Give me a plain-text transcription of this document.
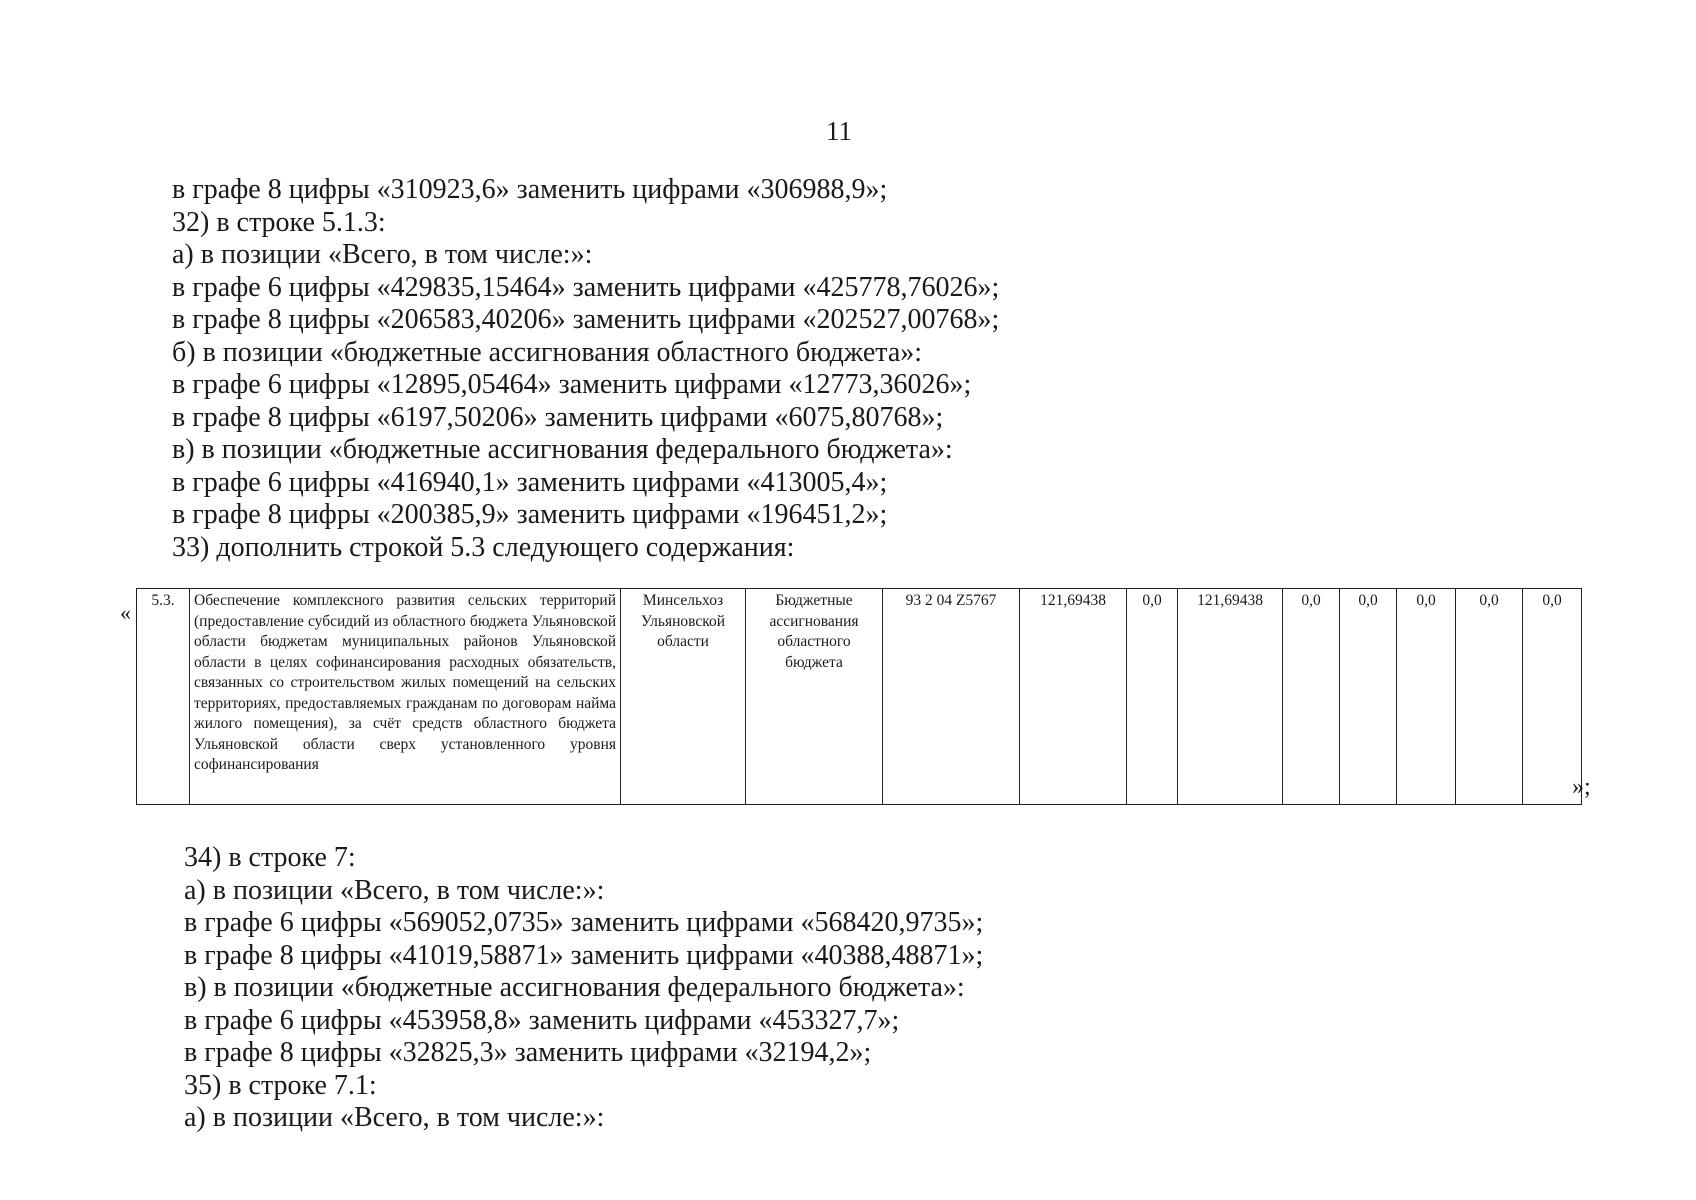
11
в графе 8 цифры «310923,6» заменить цифрами «306988,9»;
32) в строке 5.1.3:
а) в позиции «Всего, в том числе:»:
в графе 6 цифры «429835,15464» заменить цифрами «425778,76026»;
в графе 8 цифры «206583,40206» заменить цифрами «202527,00768»;
б) в позиции «бюджетные ассигнования областного бюджета»:
в графе 6 цифры «12895,05464» заменить цифрами «12773,36026»;
в графе 8 цифры «6197,50206» заменить цифрами «6075,80768»;
в) в позиции «бюджетные ассигнования федерального бюджета»:
в графе 6 цифры «416940,1» заменить цифрами «413005,4»;
в графе 8 цифры «200385,9» заменить цифрами «196451,2»;
33) дополнить строкой 5.3 следующего содержания:
« 5.3.	Обеспечение комплексного развития сельских территорий (предоставление субсидий из областного бюджета Ульяновской области бюджетам муниципальных районов Ульяновской области в целях софинансирования расходных обязательств, связанных со строительством жилых помещений на сельских территориях, предоставляемых гражданам по договорам найма жилого помещения), за счёт средств областного бюджета Ульяновской области сверх установленного уровня софинансирования	Минсельхоз Ульяновской области	Бюджетные ассигнования областного бюджета	93 2 04 Z5767	121,69438	0,0	121,69438	0,0	0,0	0,0	0,0	0,0
»;
34) в строке 7:
а) в позиции «Всего, в том числе:»:
в графе 6 цифры «569052,0735» заменить цифрами «568420,9735»;
в графе 8 цифры «41019,58871» заменить цифрами «40388,48871»;
в) в позиции «бюджетные ассигнования федерального бюджета»:
в графе 6 цифры «453958,8» заменить цифрами «453327,7»;
в графе 8 цифры «32825,3» заменить цифрами «32194,2»;
35) в строке 7.1:
а) в позиции «Всего, в том числе:»:
